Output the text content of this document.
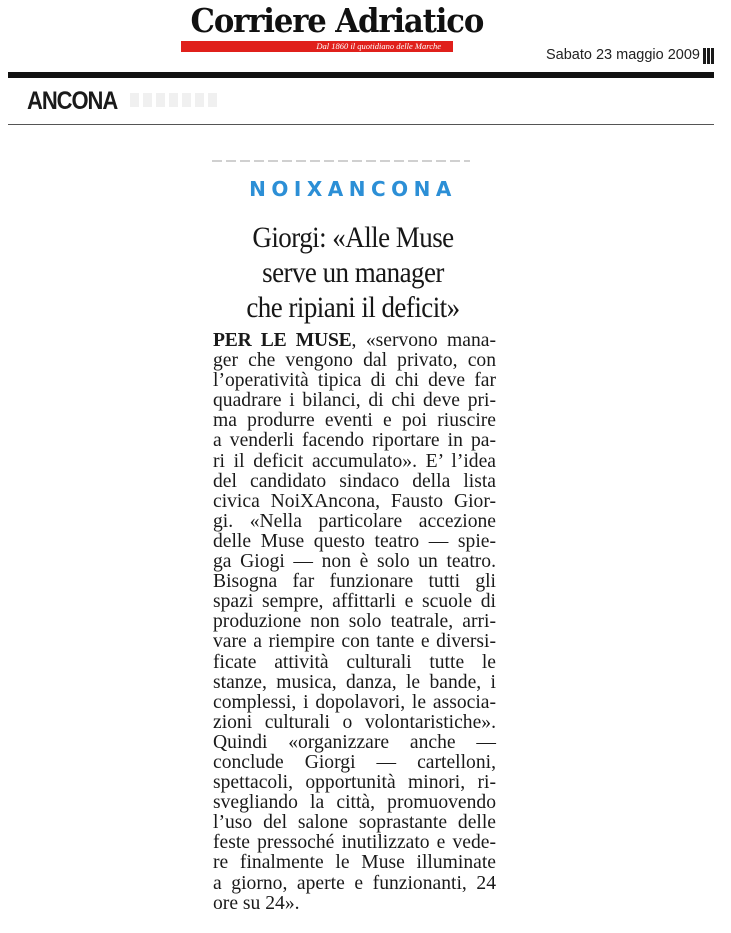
Corriere Adriatico
Dal 1860 il quotidiano delle Marche
Sabato 23 maggio 2009
ANCONA
NOIXANCONA
Giorgi: «Alle Muse
serve un manager
che ripiani il deficit»
PER LE MUSE, «servono mana-
ger che vengono dal privato, con
l’operatività tipica di chi deve far
quadrare i bilanci, di chi deve pri-
ma produrre eventi e poi riuscire
a venderli facendo riportare in pa-
ri il deficit accumulato». E’ l’idea
del candidato sindaco della lista
civica NoiXAncona, Fausto Gior-
gi. «Nella particolare accezione
delle Muse questo teatro — spie-
ga Giogi — non è solo un teatro.
Bisogna far funzionare tutti gli
spazi sempre, affittarli e scuole di
produzione non solo teatrale, arri-
vare a riempire con tante e diversi-
ficate attività culturali tutte le
stanze, musica, danza, le bande, i
complessi, i dopolavori, le associa-
zioni culturali o volontaristiche».
Quindi «organizzare anche —
conclude Giorgi — cartelloni,
spettacoli, opportunità minori, ri-
svegliando la città, promuovendo
l’uso del salone soprastante delle
feste pressoché inutilizzato e vede-
re finalmente le Muse illuminate
a giorno, aperte e funzionanti, 24
ore su 24».
